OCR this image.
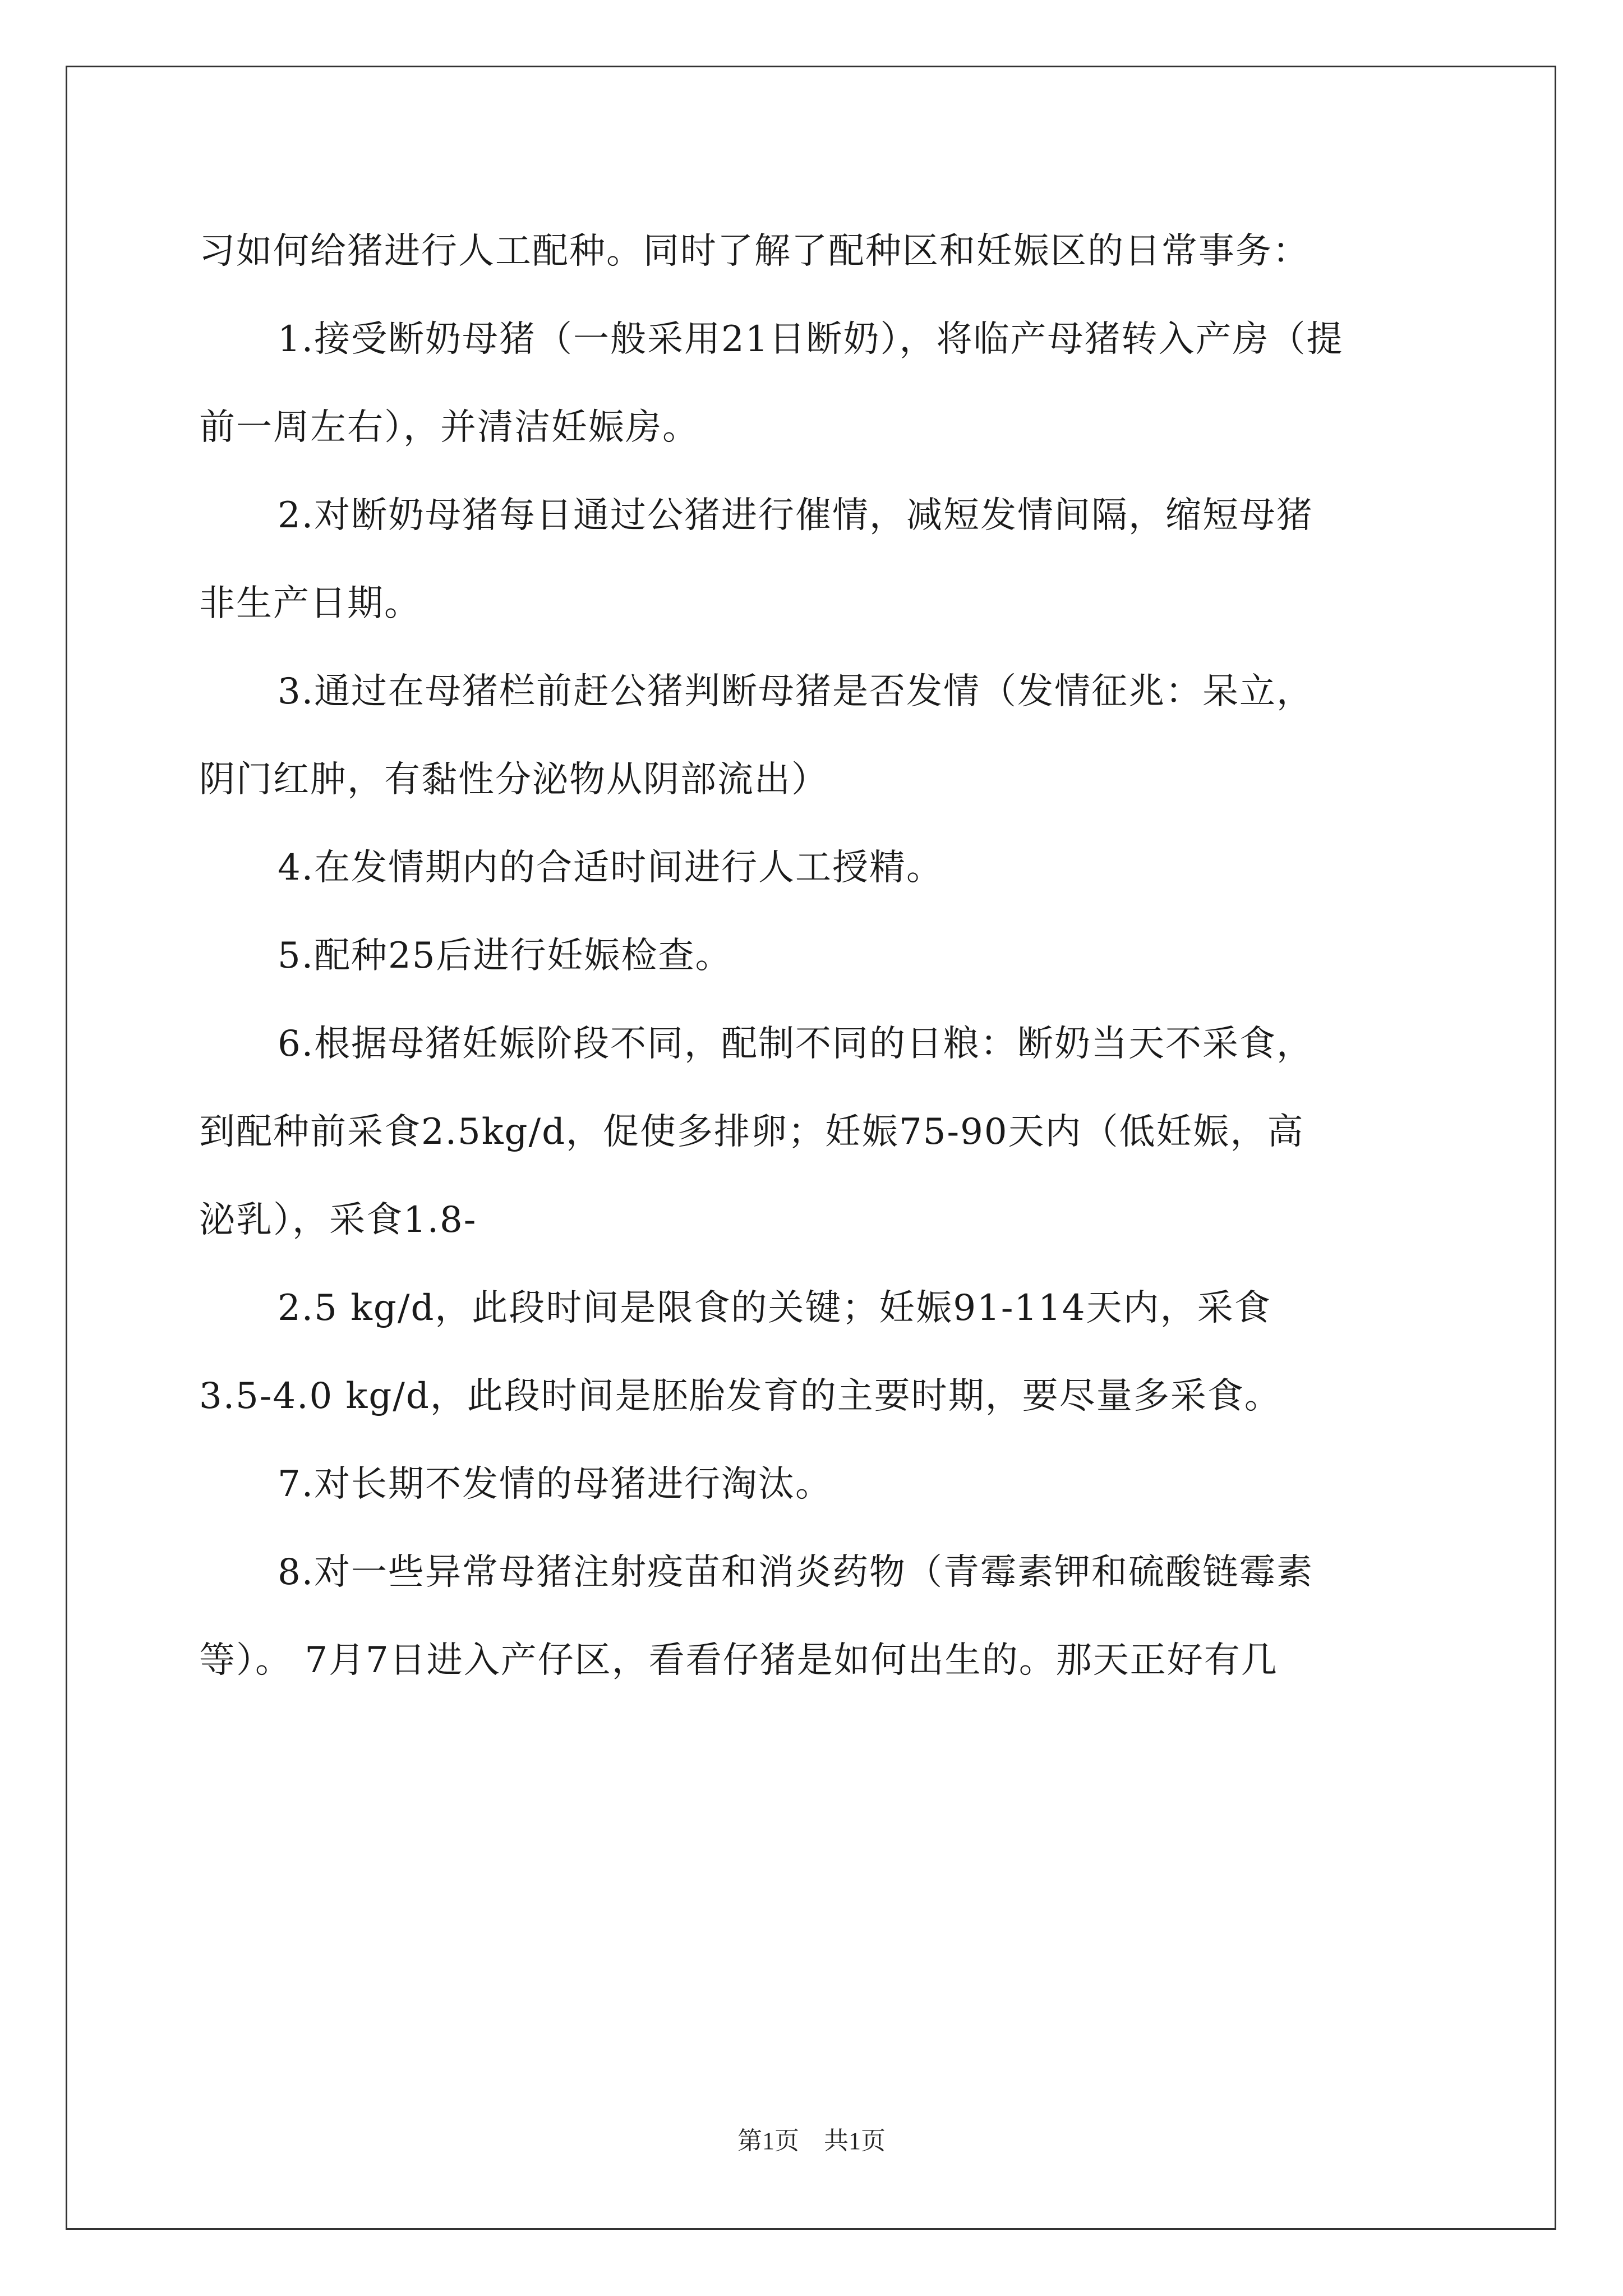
习如何给猪进行人工配种。同时了解了配种区和妊娠区的日常事务：
1.接受断奶母猪（一般采用21日断奶），将临产母猪转入产房（提
前一周左右），并清洁妊娠房。
2.对断奶母猪每日通过公猪进行催情，减短发情间隔，缩短母猪
非生产日期。
3.通过在母猪栏前赶公猪判断母猪是否发情（发情征兆：呆立，
阴门红肿，有黏性分泌物从阴部流出）
4.在发情期内的合适时间进行人工授精。
5.配种25后进行妊娠检查。
6.根据母猪妊娠阶段不同，配制不同的日粮：断奶当天不采食，
到配种前采食2.5kg/d，促使多排卵；妊娠75-90天内（低妊娠，高
泌乳），采食1.8-
2.5 kg/d，此段时间是限食的关键；妊娠91-114天内，采食
3.5-4.0 kg/d，此段时间是胚胎发育的主要时期，要尽量多采食。
7.对长期不发情的母猪进行淘汰。
8.对一些异常母猪注射疫苗和消炎药物（青霉素钾和硫酸链霉素
等）。 7月7日进入产仔区，看看仔猪是如何出生的。那天正好有几
第1页    共1页
